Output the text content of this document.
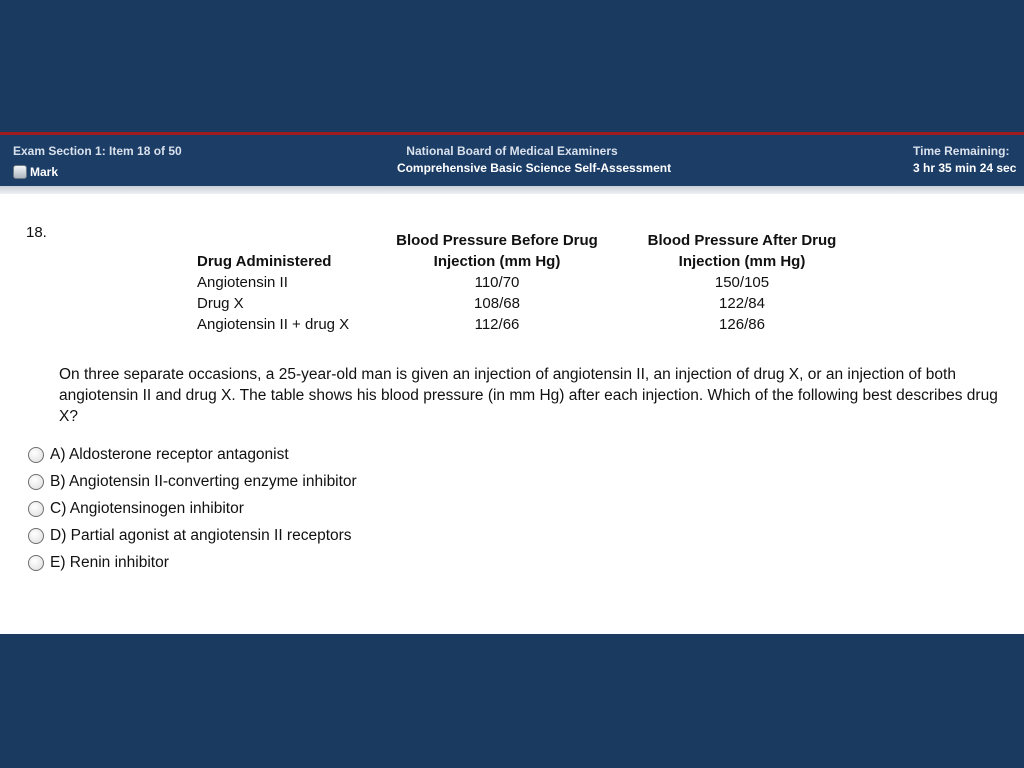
Exam Section 1: Item 18 of 50
Mark
National Board of Medical Examiners
Comprehensive Basic Science Self-Assessment
Time Remaining:
3 hr 35 min 24 sec
18.	Blood Pressure Before Drug	Blood Pressure After Drug
Drug Administered	Injection (mm Hg)	Injection (mm Hg)
Angiotensin II	110/70	150/105
Drug X	108/68	122/84
Angiotensin II + drug X	112/66	126/86
On three separate occasions, a 25-year-old man is given an injection of angiotensin II, an injection of drug X, or an injection of both angiotensin II and drug X. The table shows his blood pressure (in mm Hg) after each injection. Which of the following best describes drug X?
A) Aldosterone receptor antagonist
B) Angiotensin II-converting enzyme inhibitor
C) Angiotensinogen inhibitor
D) Partial agonist at angiotensin II receptors
E) Renin inhibitor
